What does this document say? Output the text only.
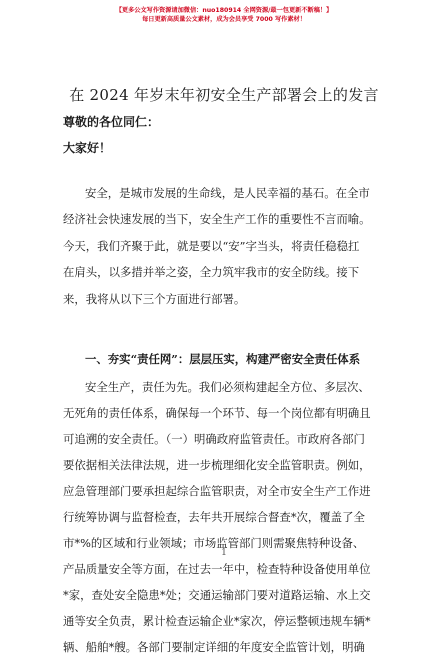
【更多公文写作资源请加微信：nuo180914 全网资源/最一包更新不断稿！】
每日更新高质量公文素材，成为会员享受 7000 写作素材！
在 2024 年岁末年初安全生产部署会上的发言
尊敬的各位同仁：
大家好！
安全，是城市发展的生命线，是人民幸福的基石。在全市
经济社会快速发展的当下，安全生产工作的重要性不言而喻。
今天，我们齐聚于此，就是要以“安”字当头，将责任稳稳扛
在肩头，以多措并举之姿，全力筑牢我市的安全防线。接下
来，我将从以下三个方面进行部署。
一、夯实“责任网”：层层压实，构建严密安全责任体系
安全生产，责任为先。我们必须构建起全方位、多层次、
无死角的责任体系，确保每一个环节、每一个岗位都有明确且
可追溯的安全责任。（一）明确政府监管责任。市政府各部门
要依据相关法律法规，进一步梳理细化安全监管职责。例如，
应急管理部门要承担起综合监管职责，对全市安全生产工作进
行统筹协调与监督检查，去年共开展综合督查*次，覆盖了全
市*%的区域和行业领域；市场监管部门则需聚焦特种设备、
产品质量安全等方面，在过去一年中，检查特种设备使用单位
*家，查处安全隐患*处；交通运输部门要对道路运输、水上交
通等安全负责，累计检查运输企业*家次，停运整顿违规车辆*
辆、船舶*艘。各部门要制定详细的年度安全监管计划，明确
1
